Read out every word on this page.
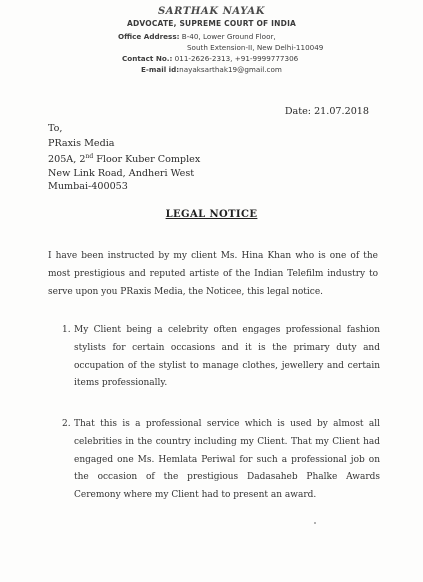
SARTHAK NAYAK
ADVOCATE, SUPREME COURT OF INDIA
Office Address: B-40, Lower Ground Floor,
South Extension-II, New Delhi-110049
Contact No.: 011-2626-2313, +91-9999777306
E-mail id:nayaksarthak19@gmail.com
Date: 21.07.2018
To,
PRaxis Media
205A, 2nd Floor Kuber Complex
New Link Road, Andheri West
Mumbai-400053
LEGAL NOTICE
I have been instructed by my client Ms. Hina Khan who is one of the most prestigious and reputed artiste of the Indian Telefilm industry to serve upon you PRaxis Media, the Noticee, this legal notice.
1. My Client being a celebrity often engages professional fashion stylists for certain occasions and it is the primary duty and occupation of the stylist to manage clothes, jewellery and certain items professionally.
2. That this is a professional service which is used by almost all celebrities in the country including my Client. That my Client had engaged one Ms. Hemlata Periwal for such a professional job on the occasion of the prestigious Dadasaheb Phalke Awards Ceremony where my Client had to present an award.
